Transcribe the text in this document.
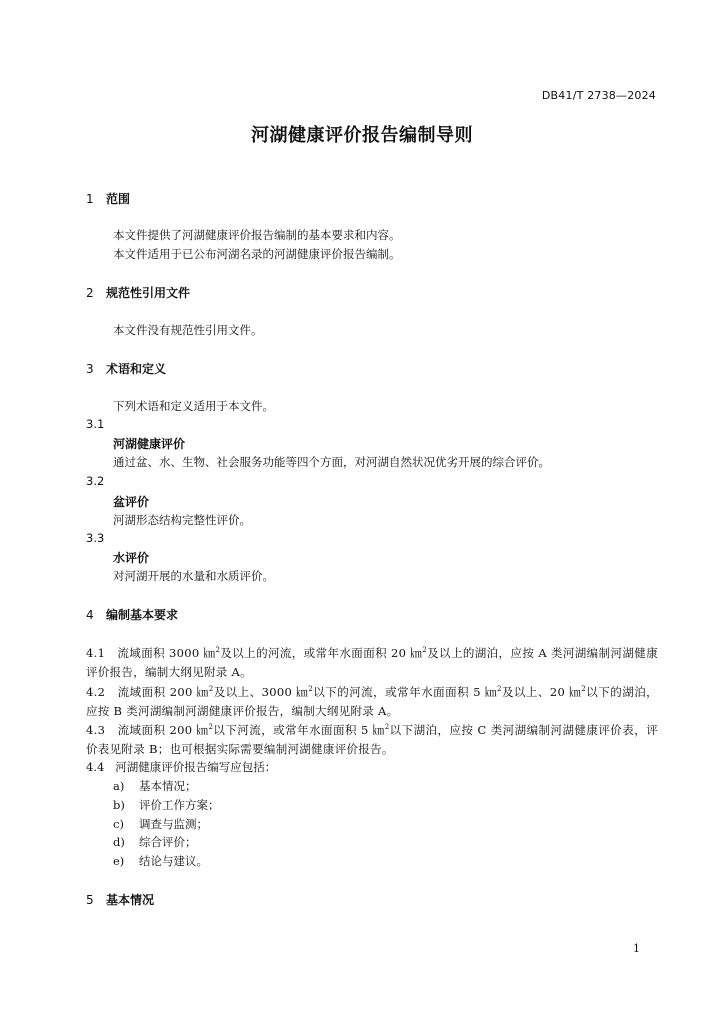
DB41/T 2738—2024
河湖健康评价报告编制导则
1 范围
本文件提供了河湖健康评价报告编制的基本要求和内容。
本文件适用于已公布河湖名录的河湖健康评价报告编制。
2 规范性引用文件
本文件没有规范性引用文件。
3 术语和定义
下列术语和定义适用于本文件。
3.1
河湖健康评价
通过盆、水、生物、社会服务功能等四个方面，对河湖自然状况优劣开展的综合评价。
3.2
盆评价
河湖形态结构完整性评价。
3.3
水评价
对河湖开展的水量和水质评价。
4 编制基本要求
4.1 流域面积 3000 ㎞$^2$及以上的河流，或常年水面面积 20 ㎞$^2$及以上的湖泊，应按 A 类河湖编制河湖健康评价报告，编制大纲见附录 A。
4.2 流域面积 200 ㎞$^2$及以上、3000 ㎞$^2$以下的河流，或常年水面面积 5 ㎞$^2$及以上、20 ㎞$^2$以下的湖泊，应按 B 类河湖编制河湖健康评价报告，编制大纲见附录 A。
4.3 流域面积 200 ㎞$^2$以下河流，或常年水面面积 5 ㎞$^2$以下湖泊，应按 C 类河湖编制河湖健康评价表，评价表见附录 B；也可根据实际需要编制河湖健康评价报告。
4.4 河湖健康评价报告编写应包括：
a) 基本情况；
b) 评价工作方案；
c) 调查与监测；
d) 综合评价；
e) 结论与建议。
5 基本情况
1
